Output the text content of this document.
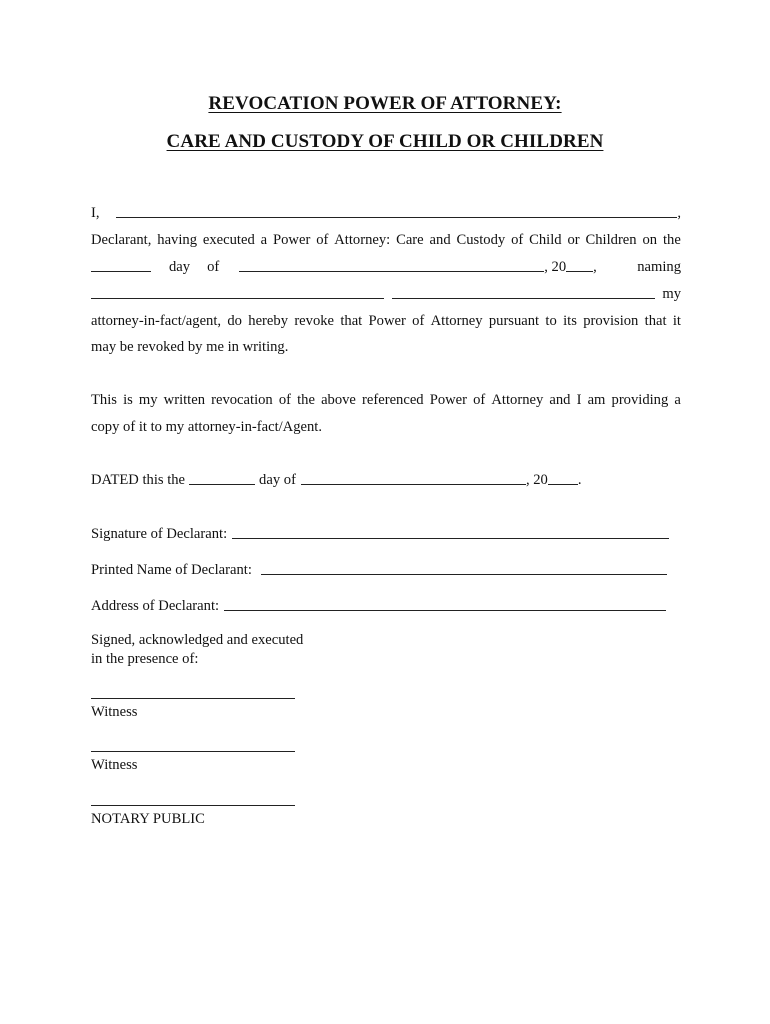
REVOCATION POWER OF ATTORNEY:
CARE AND CUSTODY OF CHILD OR CHILDREN
I,	,
Declarant, having executed a Power of Attorney: Care and Custody of Child or Children on the
day of	, 20 ,	naming
my
attorney-in-fact/agent, do hereby revoke that Power of Attorney pursuant to its provision that it
may be revoked by me in writing.
This is my written revocation of the above referenced Power of Attorney and I am providing a
copy of it to my attorney-in-fact/Agent.
DATED this the	day of	, 20 .
Signature of Declarant:
Printed Name of Declarant:
Address of Declarant:
Signed, acknowledged and executed
in the presence of:
Witness
Witness
NOTARY PUBLIC
